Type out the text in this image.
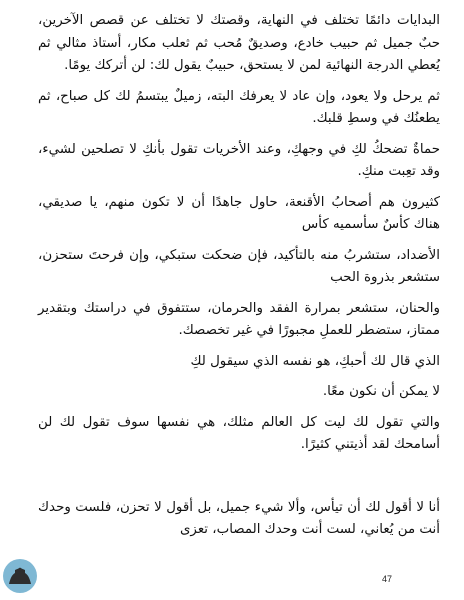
البدايات دائمًا تختلف في النهاية، وقصتك لا تختلف عن قصص الآخرين، حبٌ جميل ثم حبيب خادع، وصديقٌ مُحب ثم ثعلب مكار، أستاذ مثالي ثم يُعطي الدرجة النهائية لمن لا يستحق، حبيبٌ يقول لك: لن أتركك يومًا.

ثم يرحل ولا يعود، وإن عاد لا يعرفك البته، زميلٌ يبتسمُ لك كل صباح، ثم يطعنُك في وسطِ قلبك.

حماةٌ تضحكُ لكِ في وجهكِ، وعند الأخريات تقول بأنكِ لا تصلحين لشيء، وقد تعِبت منكِ.

كثيرون هم أصحابُ الأقنعة، حاول جاهدًا أن لا تكون منهم، يا صديقي، هناك كأسٌ سأسميه كأس

الأضداد، ستشربُ منه بالتأكيد، فإن ضحكت ستبكي، وإن فرحتَ ستحزن، ستشعر بذروة الحب

والحنان، ستشعر بمرارة الفقد والحرمان، ستتفوق في دراستك وبتقدير ممتاز، ستضطر للعملِ مجبورًا في غير تخصصك.

الذي قال لك أحبكِ، هو نفسه الذي سيقول لكِ

لا يمكن أن نكون معًا.

والتي تقول لك ليت كل العالم مثلك، هي نفسها سوف تقول لك لن أسامحك لقد أذيتني كثيرًا.

أنا لا أقول لك أن تيأس، وألا شيء جميل، بل أقول لا تحزن، فلست وحدك أنت من يُعاني، لست أنت وحدك المصاب، تعزى

47
